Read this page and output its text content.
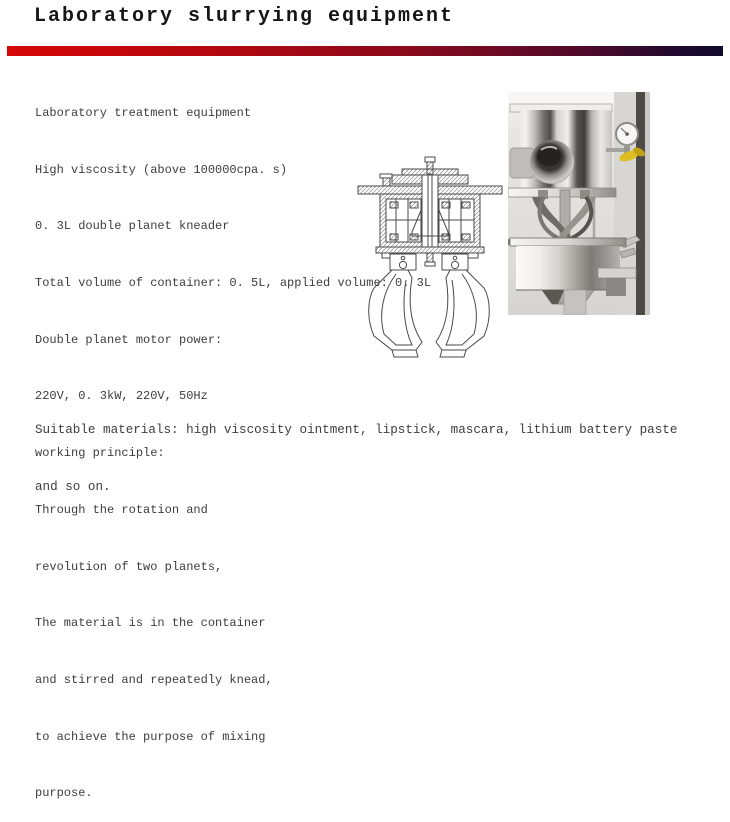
Laboratory slurrying equipment

Laboratory treatment equipment

High viscosity (above 100000cpa. s)

0. 3L double planet kneader

Total volume of container: 0. 5L, applied volume: 0. 3L

Double planet motor power:

220V, 0. 3kW, 220V, 50Hz

working principle:

Through the rotation and

revolution of two planets,

The material is in the container

and stirred and repeatedly knead,

to achieve the purpose of mixing

purpose.

Suitable materials: high viscosity ointment, lipstick, mascara, lithium battery paste

and so on.
